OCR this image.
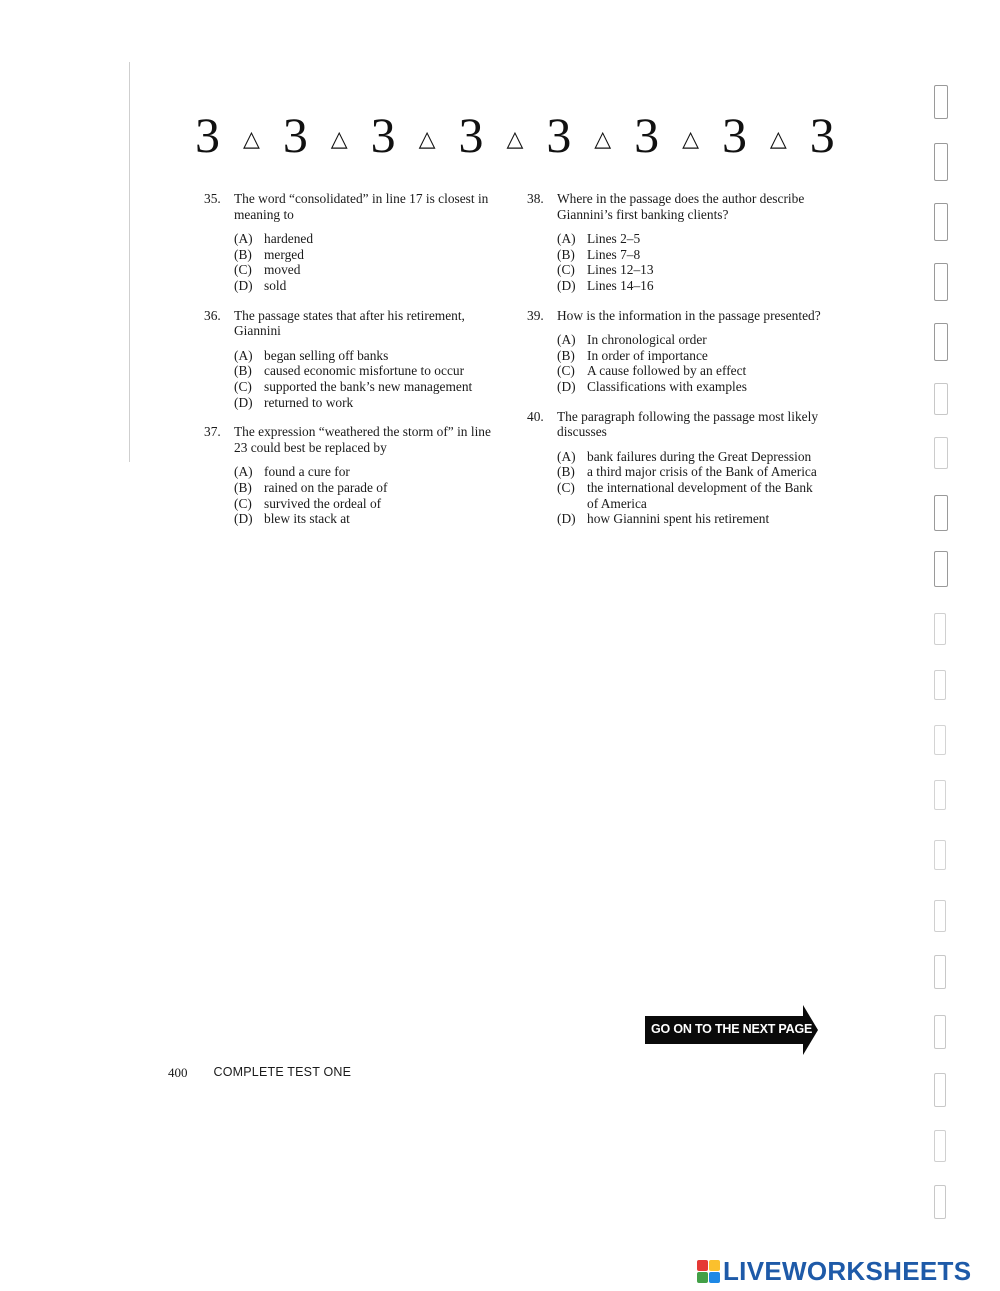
3 △ 3 △ 3 △ 3 △ 3 △ 3 △ 3 △ 3
35. The word “consolidated” in line 17 is closest in meaning to
(A) hardened
(B) merged
(C) moved
(D) sold
36. The passage states that after his retirement, Giannini
(A) began selling off banks
(B) caused economic misfortune to occur
(C) supported the bank’s new management
(D) returned to work
37. The expression “weathered the storm of” in line 23 could best be replaced by
(A) found a cure for
(B) rained on the parade of
(C) survived the ordeal of
(D) blew its stack at
38. Where in the passage does the author describe Giannini’s first banking clients?
(A) Lines 2–5
(B) Lines 7–8
(C) Lines 12–13
(D) Lines 14–16
39. How is the information in the passage presented?
(A) In chronological order
(B) In order of importance
(C) A cause followed by an effect
(D) Classifications with examples
40. The paragraph following the passage most likely discusses
(A) bank failures during the Great Depression
(B) a third major crisis of the Bank of America
(C) the international development of the Bank of America
(D) how Giannini spent his retirement
GO ON TO THE NEXT PAGE
400 COMPLETE TEST ONE
LIVEWORKSHEETS
